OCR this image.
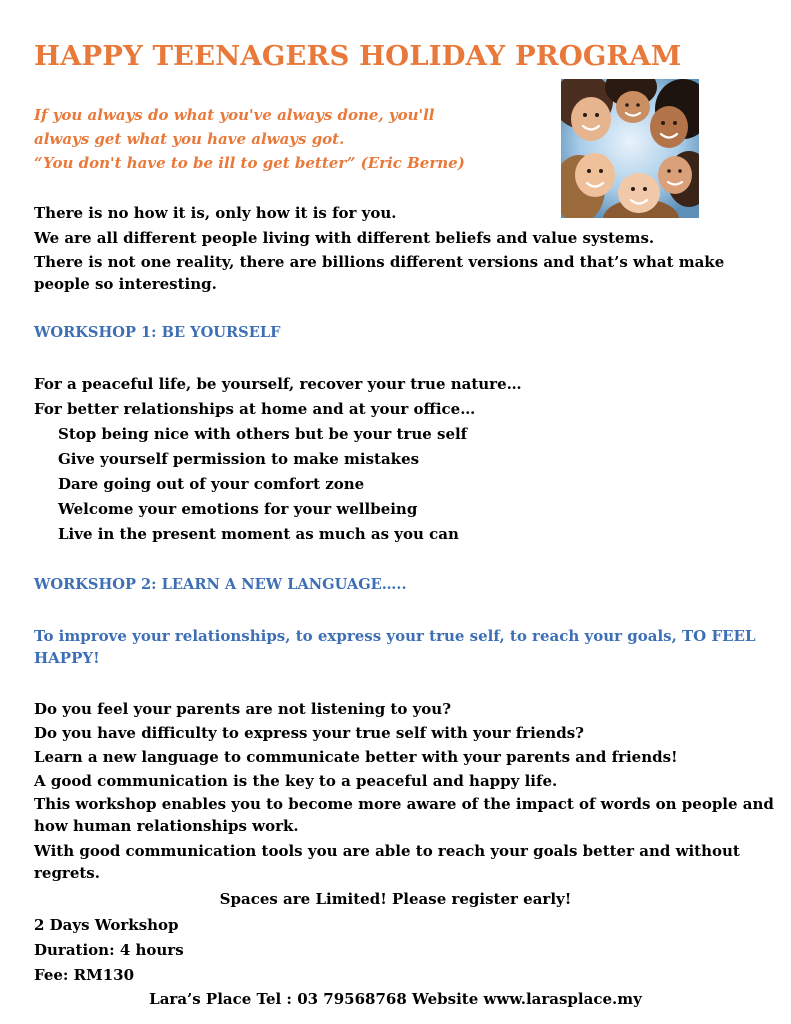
HAPPY TEENAGERS HOLIDAY PROGRAM
If you always do what you've always done, you'll
always get what you have always got.
“You don't have to be ill to get better” (Eric Berne)
There is no how it is, only how it is for you.
We are all different people living with different beliefs and value systems.
There is not one reality, there are billions different versions and that’s what make people so interesting.
WORKSHOP 1: BE YOURSELF
For a peaceful life, be yourself, recover your true nature…
For better relationships at home and at your office…
Stop being nice with others but be your true self
Give yourself permission to make mistakes
Dare going out of your comfort zone
Welcome your emotions for your wellbeing
Live in the present moment as much as you can
WORKSHOP 2: LEARN A NEW LANGUAGE…..

To improve your relationships, to express your true self, to reach your goals, TO FEEL HAPPY!

Do you feel your parents are not listening to you?
Do you have difficulty to express your true self with your friends?
Learn a new language to communicate better with your parents and friends!
A good communication is the key to a peaceful and happy life.
This workshop enables you to become more aware of the impact of words on people and how human relationships work.
With good communication tools you are able to reach your goals better and without regrets.

Spaces are Limited! Please register early!

2 Days Workshop
Duration: 4 hours
Fee: RM130

Lara’s Place Tel : 03 79568768 Website www.larasplace.my
